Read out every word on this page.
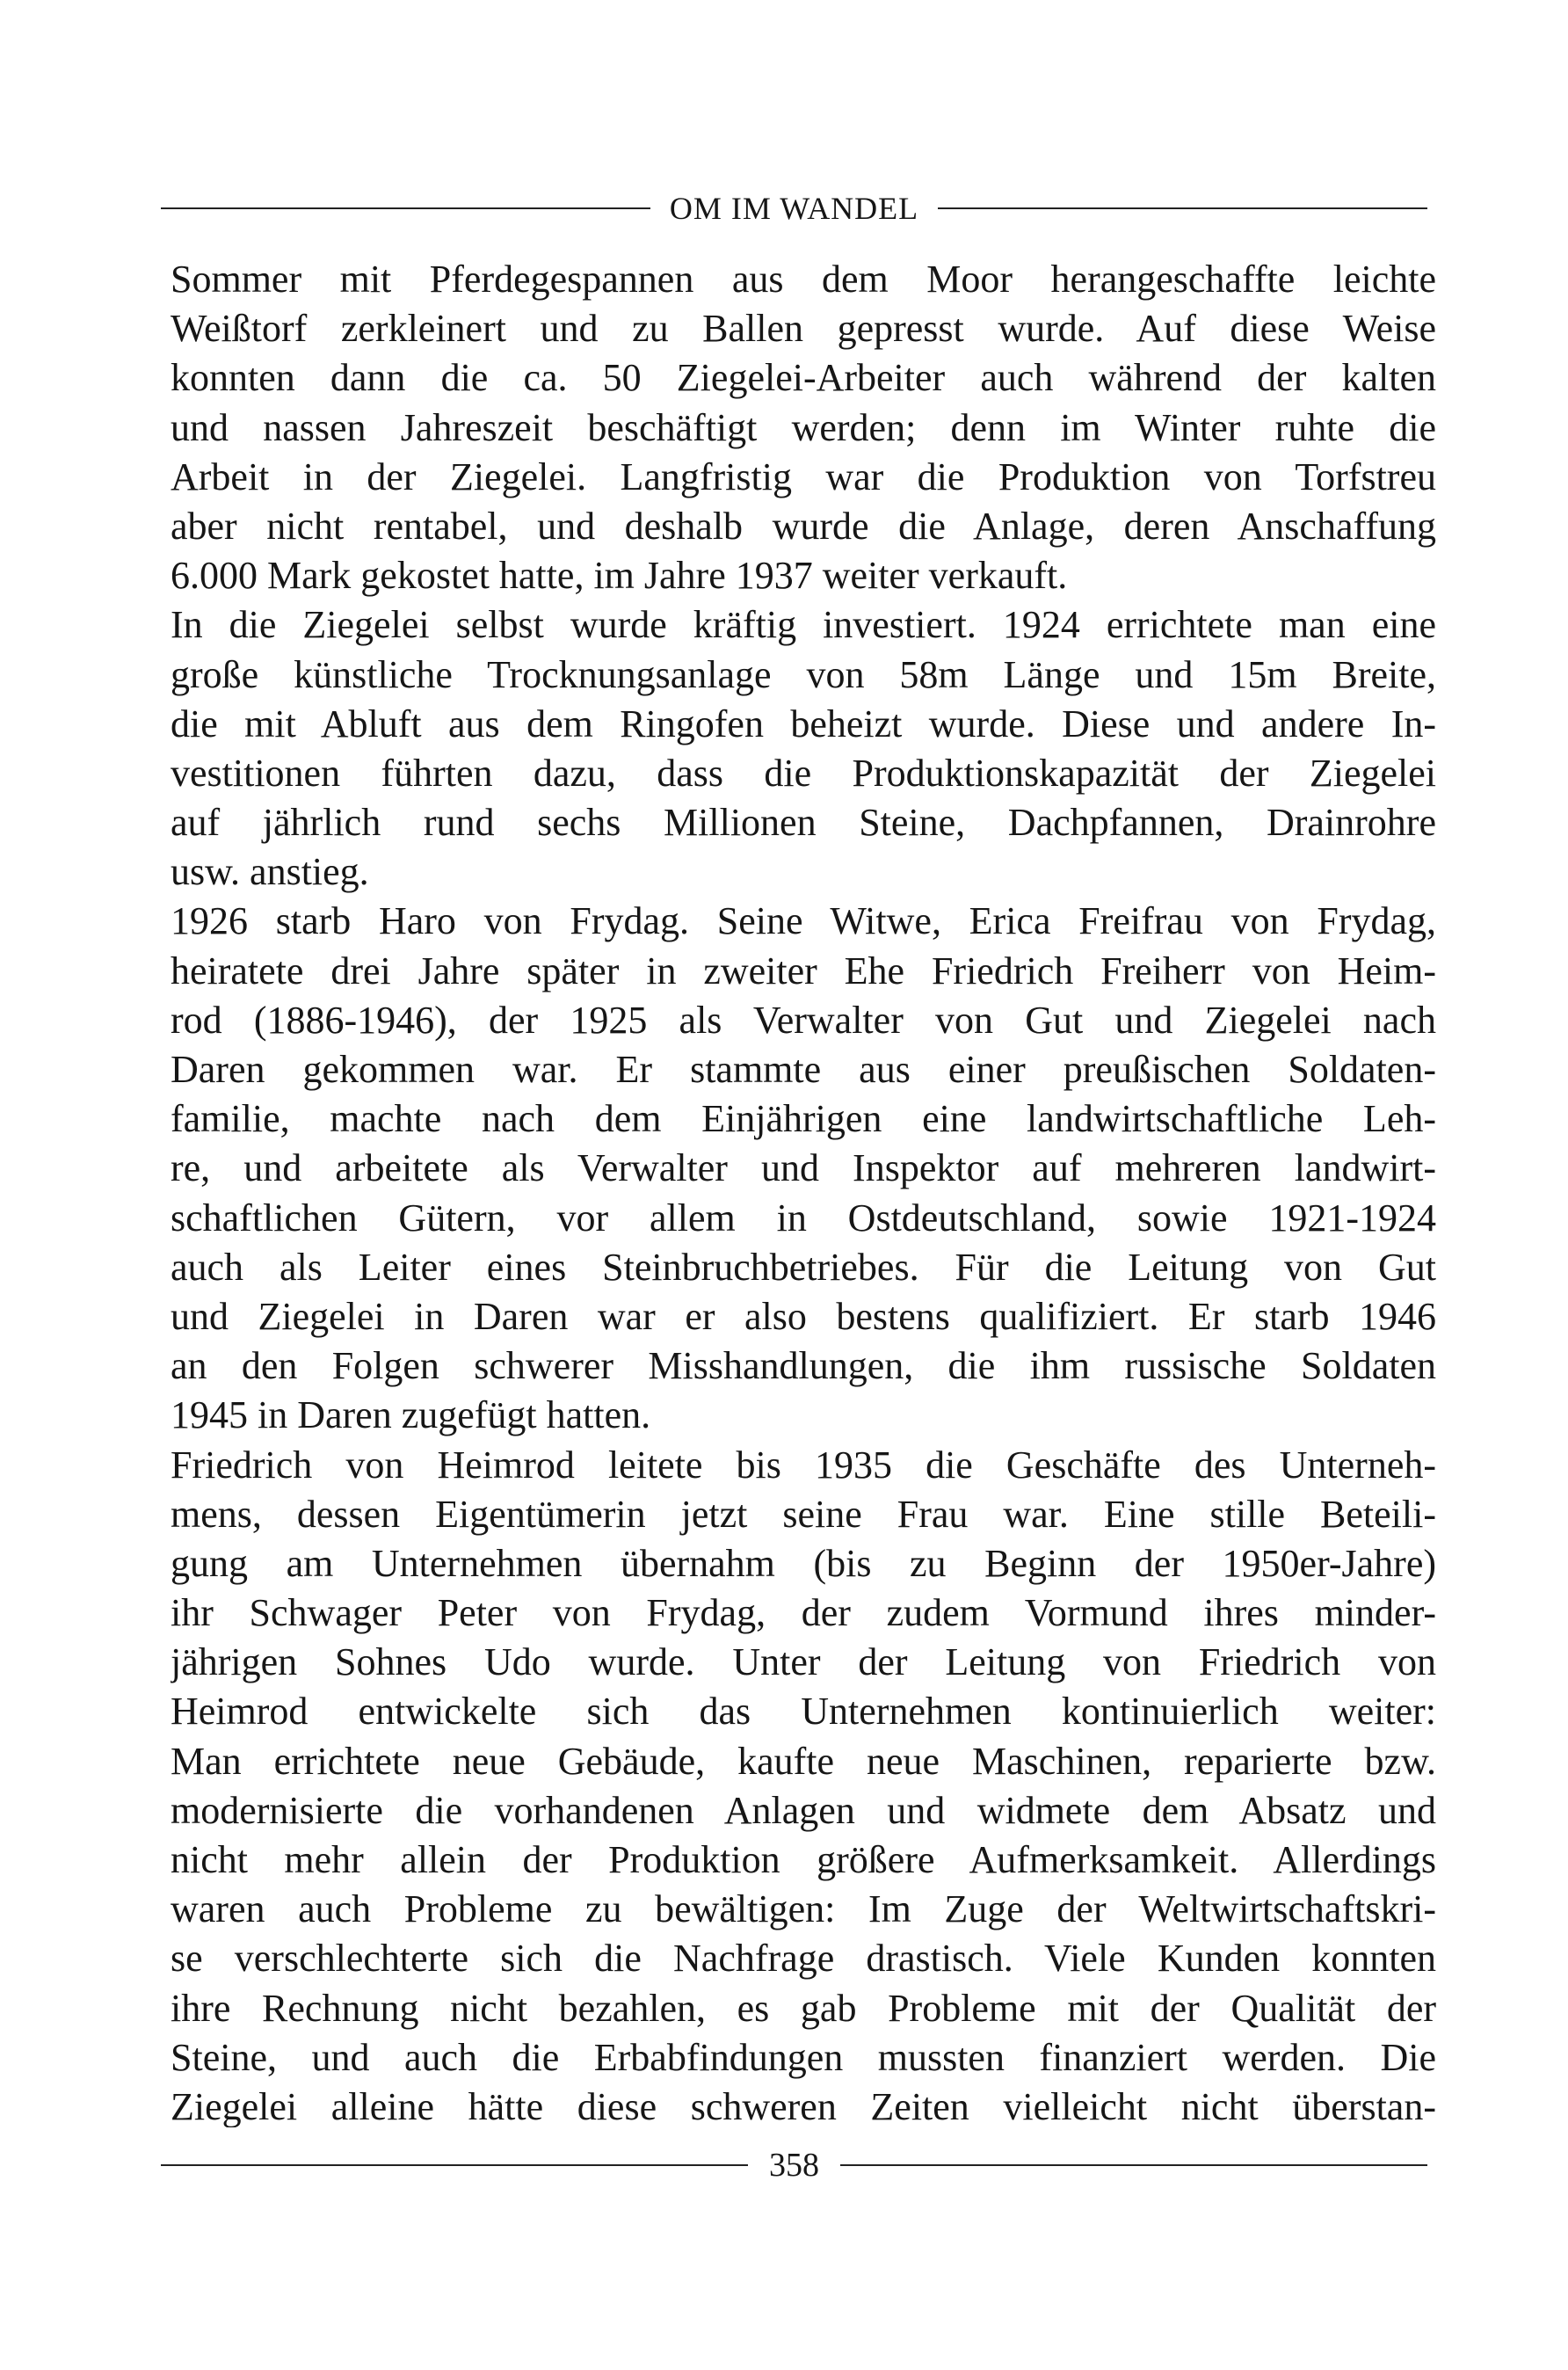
OM IM WANDEL
Sommer mit Pferdegespannen aus dem Moor herangeschaffte leichte
Weißtorf zerkleinert und zu Ballen gepresst wurde. Auf diese Weise
konnten dann die ca. 50 Ziegelei-Arbeiter auch während der kalten
und nassen Jahreszeit beschäftigt werden; denn im Winter ruhte die
Arbeit in der Ziegelei. Langfristig war die Produktion von Torfstreu
aber nicht rentabel, und deshalb wurde die Anlage, deren Anschaffung
6.000 Mark gekostet hatte, im Jahre 1937 weiter verkauft.
In die Ziegelei selbst wurde kräftig investiert. 1924 errichtete man eine
große künstliche Trocknungsanlage von 58m Länge und 15m Breite,
die mit Abluft aus dem Ringofen beheizt wurde. Diese und andere In-
vestitionen führten dazu, dass die Produktionskapazität der Ziegelei
auf jährlich rund sechs Millionen Steine, Dachpfannen, Drainrohre
usw. anstieg.
1926 starb Haro von Frydag. Seine Witwe, Erica Freifrau von Frydag,
heiratete drei Jahre später in zweiter Ehe Friedrich Freiherr von Heim-
rod (1886-1946), der 1925 als Verwalter von Gut und Ziegelei nach
Daren gekommen war. Er stammte aus einer preußischen Soldaten-
familie, machte nach dem Einjährigen eine landwirtschaftliche Leh-
re, und arbeitete als Verwalter und Inspektor auf mehreren landwirt-
schaftlichen Gütern, vor allem in Ostdeutschland, sowie 1921-1924
auch als Leiter eines Steinbruchbetriebes. Für die Leitung von Gut
und Ziegelei in Daren war er also bestens qualifiziert. Er starb 1946
an den Folgen schwerer Misshandlungen, die ihm russische Soldaten
1945 in Daren zugefügt hatten.
Friedrich von Heimrod leitete bis 1935 die Geschäfte des Unterneh-
mens, dessen Eigentümerin jetzt seine Frau war. Eine stille Beteili-
gung am Unternehmen übernahm (bis zu Beginn der 1950er-Jahre)
ihr Schwager Peter von Frydag, der zudem Vormund ihres minder-
jährigen Sohnes Udo wurde. Unter der Leitung von Friedrich von
Heimrod entwickelte sich das Unternehmen kontinuierlich weiter:
Man errichtete neue Gebäude, kaufte neue Maschinen, reparierte bzw.
modernisierte die vorhandenen Anlagen und widmete dem Absatz und
nicht mehr allein der Produktion größere Aufmerksamkeit. Allerdings
waren auch Probleme zu bewältigen: Im Zuge der Weltwirtschaftskri-
se verschlechterte sich die Nachfrage drastisch. Viele Kunden konnten
ihre Rechnung nicht bezahlen, es gab Probleme mit der Qualität der
Steine, und auch die Erbabfindungen mussten finanziert werden. Die
Ziegelei alleine hätte diese schweren Zeiten vielleicht nicht überstan-
358
